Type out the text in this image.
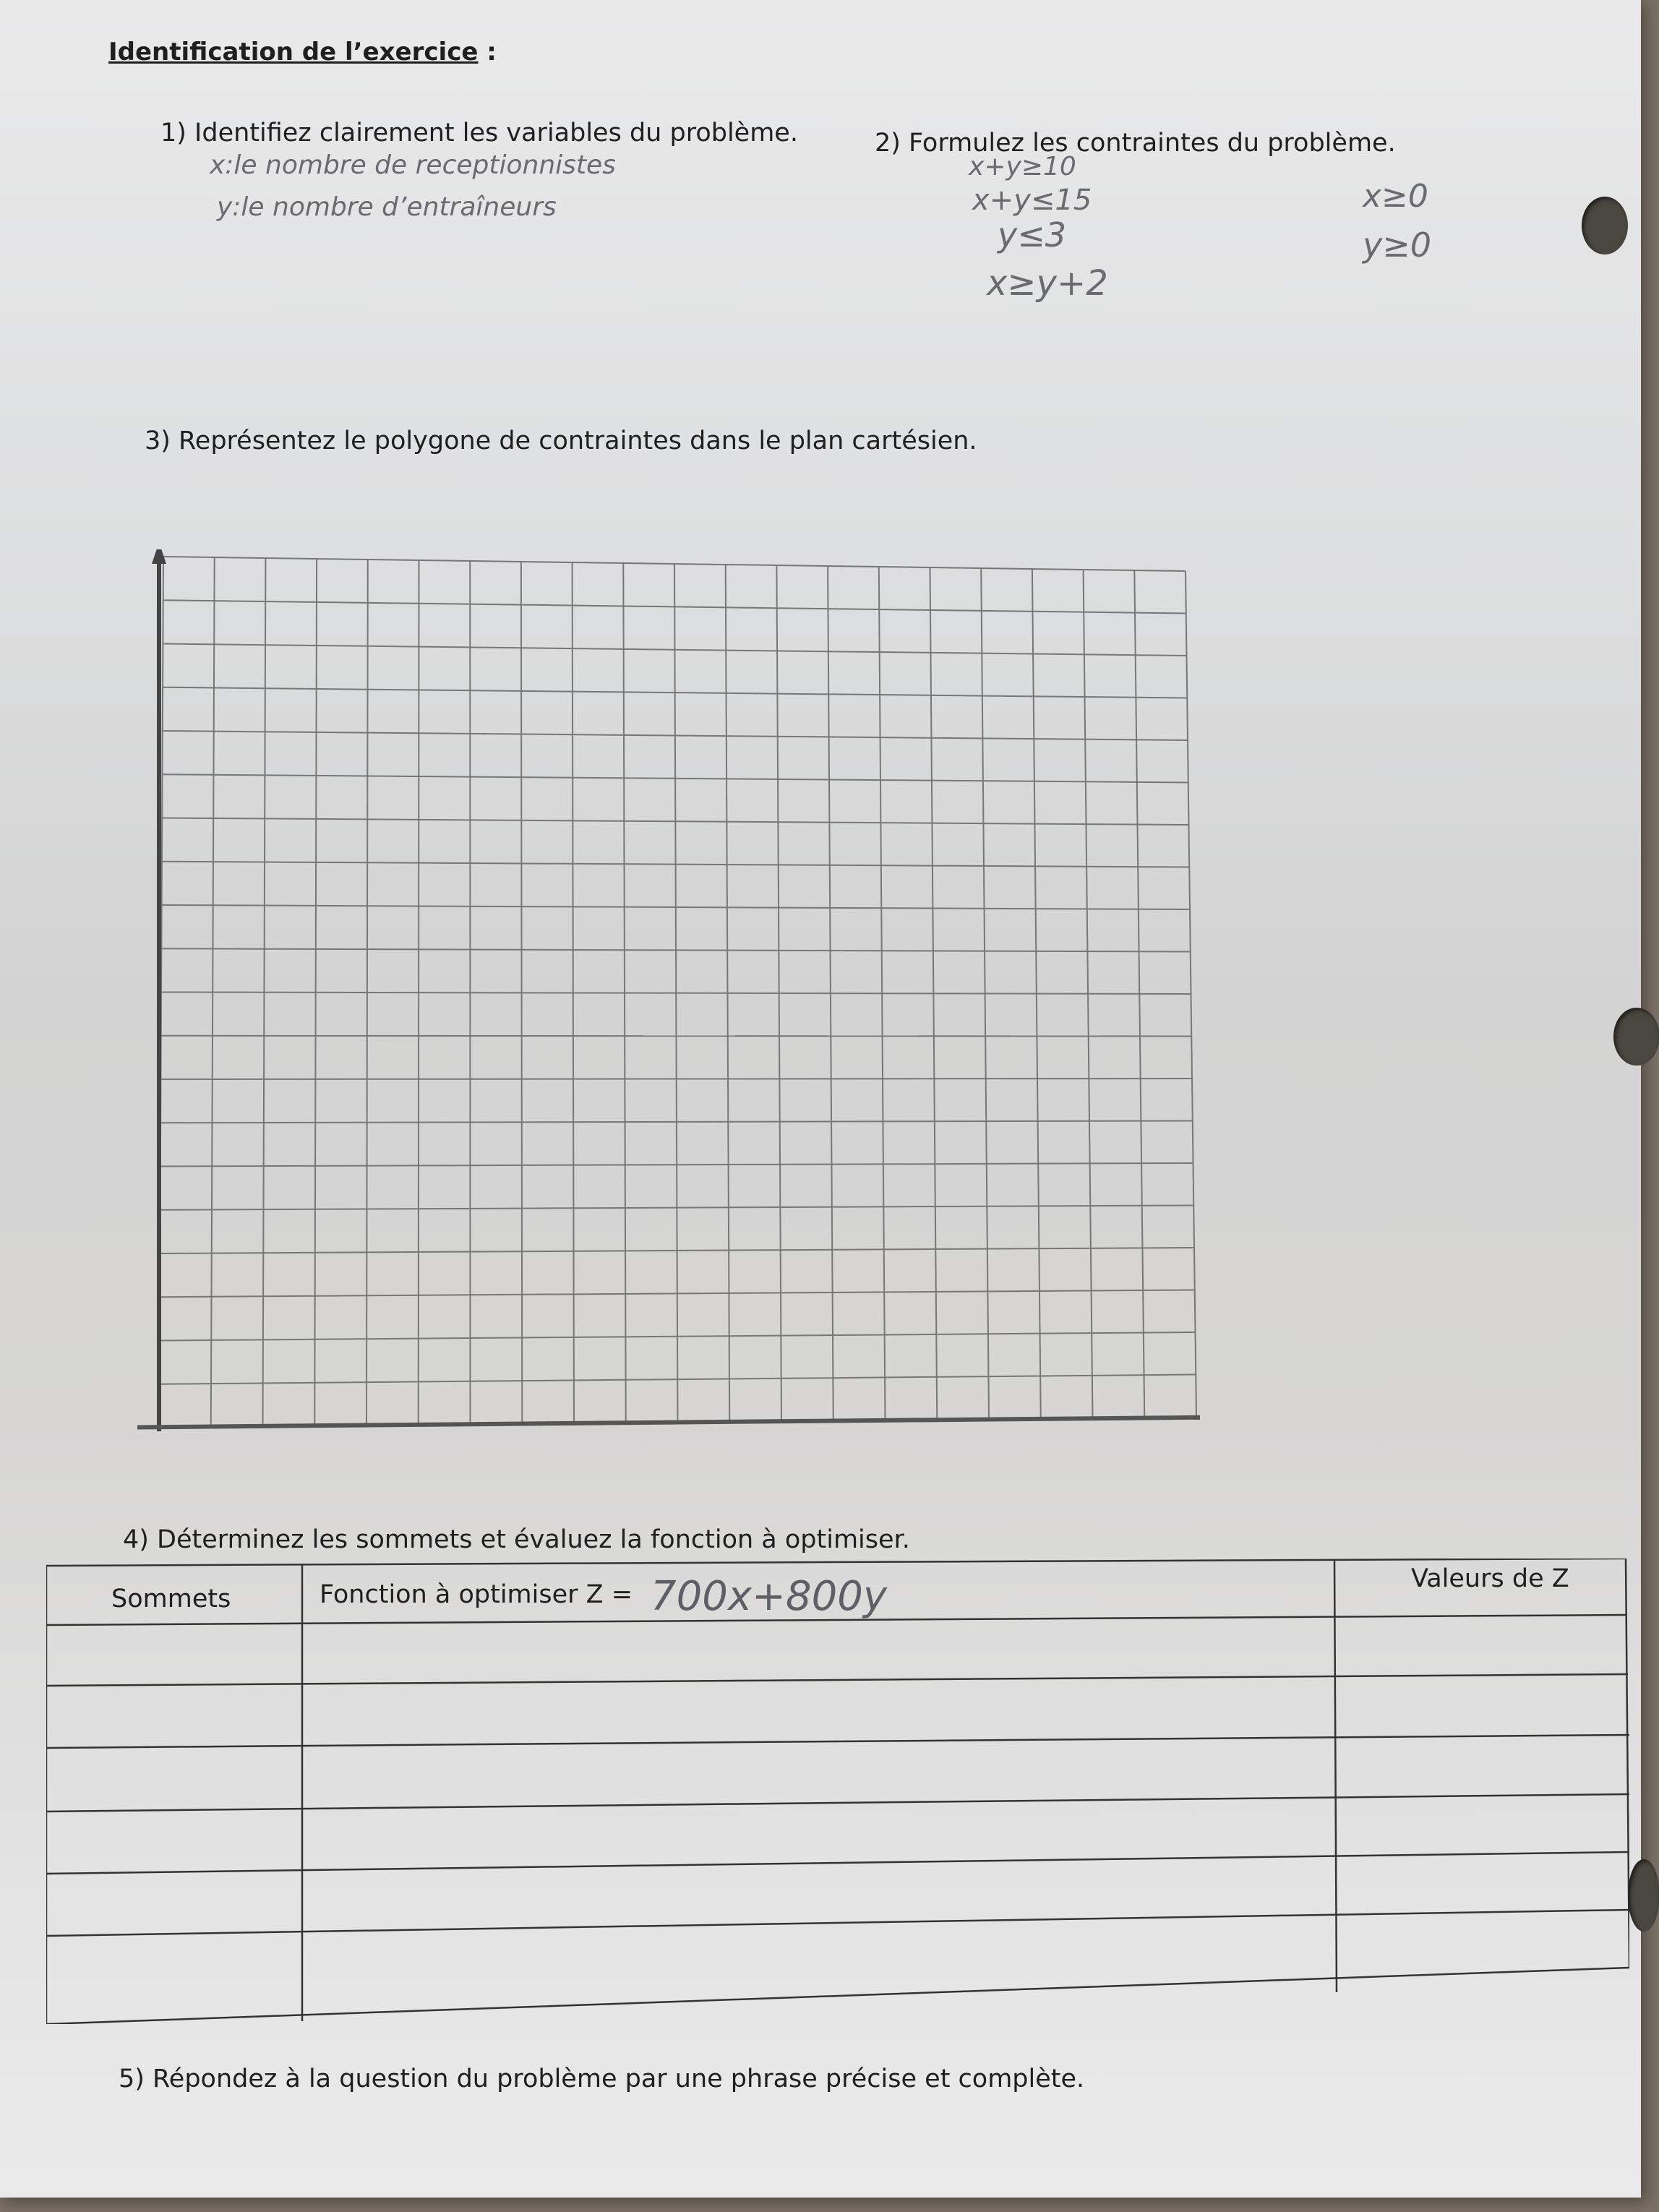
Identification de l’exercice :
1) Identifiez clairement les variables du problème.
x:le nombre de receptionnistes
y:le nombre d’entraîneurs
2) Formulez les contraintes du problème.
x+y≥10
x+y≤15
y≤3
x≥y+2
x≥0
y≥0
3) Représentez le polygone de contraintes dans le plan cartésien.
4) Déterminez les sommets et évaluez la fonction à optimiser.
Sommets	Fonction à optimiser Z = 700x+800y	Valeurs de Z
5) Répondez à la question du problème par une phrase précise et complète.
